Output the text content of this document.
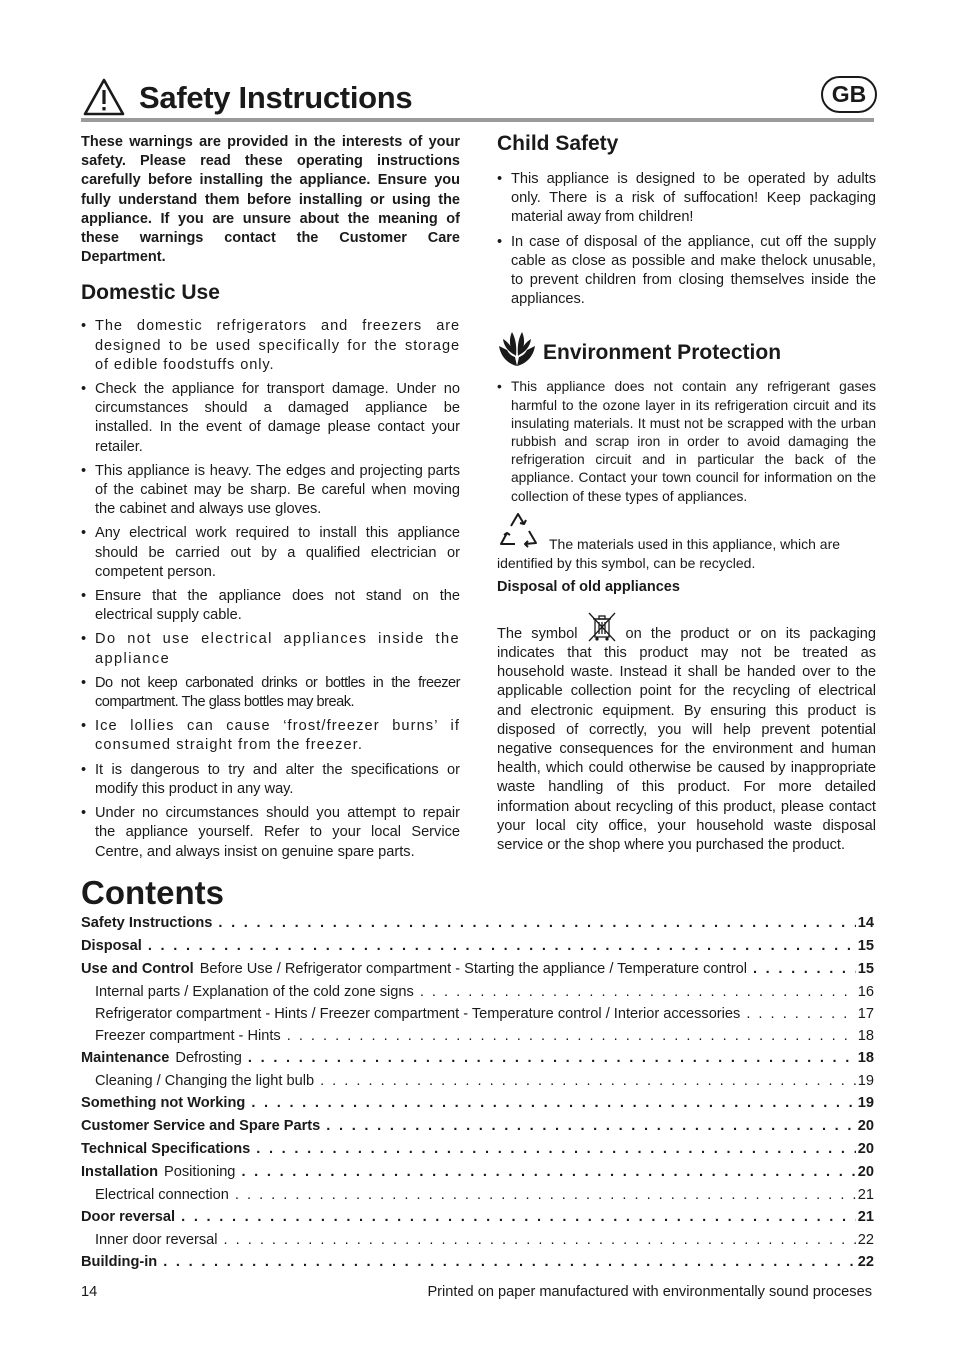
Safety Instructions	GB

These warnings are provided in the interests of your safety. Please read these operating instructions carefully before installing the appliance. Ensure you fully understand them before installing or using the appliance. If you are unsure about the meaning of these warnings contact the Customer Care Department.

Domestic Use
• The domestic refrigerators and freezers are designed to be used specifically for the storage of edible foodstuffs only.
• Check the appliance for transport damage. Under no circumstances should a damaged appliance be installed. In the event of damage please contact your retailer.
• This appliance is heavy. The edges and projecting parts of the cabinet may be sharp. Be careful when moving the cabinet and always use gloves.
• Any electrical work required to install this appliance should be carried out by a qualified electrician or competent person.
• Ensure that the appliance does not stand on the electrical supply cable.
• Do not use electrical appliances inside the appliance
• Do not keep carbonated drinks or bottles in the freezer compartment. The glass bottles may break.
• Ice lollies can cause ‘frost/freezer burns’ if consumed straight from the freezer.
• It is dangerous to try and alter the specifications or modify this product in any way.
• Under no circumstances should you attempt to repair the appliance yourself. Refer to your local Service Centre, and always insist on genuine spare parts.
Child Safety
• This appliance is designed to be operated by adults only. There is a risk of suffocation! Keep packaging material away from children!
• In case of disposal of the appliance, cut off the supply cable as close as possible and make thelock unusable, to prevent children from closing themselves inside the appliances.
Environment Protection
• This appliance does not contain any refrigerant gases harmful to the ozone layer in its refrigeration circuit and its insulating materials. It must not be scrapped with the urban rubbish and scrap iron in order to avoid damaging the refrigeration circuit and in particular the back of the appliance. Contact your town council for information on the collection of these types of appliances.
The materials used in this appliance, which are identified by this symbol, can be recycled.
Disposal of old appliances

The symbol	on the product or on its packaging indicates that this product may not be treated as household waste. Instead it shall be handed over to the applicable collection point for the recycling of electrical and electronic equipment. By ensuring this product is disposed of correctly, you will help prevent potential negative consequences for the environment and human health, which could otherwise be caused by inappropriate waste handling of this product. For more detailed information about recycling of this product, please contact your local city office, your household waste disposal service or the shop where you purchased the product.

Contents
Safety Instructions . . .	14
Disposal . . .	15
Use and Control Before Use / Refrigerator compartment - Starting the appliance / Temperature control . . .	15
Internal parts / Explanation of the cold zone signs . . .	16
Refrigerator compartment - Hints / Freezer compartment - Temperature control / Interior accessories . . .	17
Freezer compartment - Hints . . .	18
Maintenance Defrosting . . .	18
Cleaning / Changing the light bulb . . .	19
Something not Working . . .	19
Customer Service and Spare Parts . . .	20
Technical Specifications . . .	20
Installation Positioning . . .	20
Electrical connection . . .	21
Door reversal . . .	21
Inner door reversal . . .	22
Building-in . . .	22
14	Printed on paper manufactured with environmentally sound proceses
